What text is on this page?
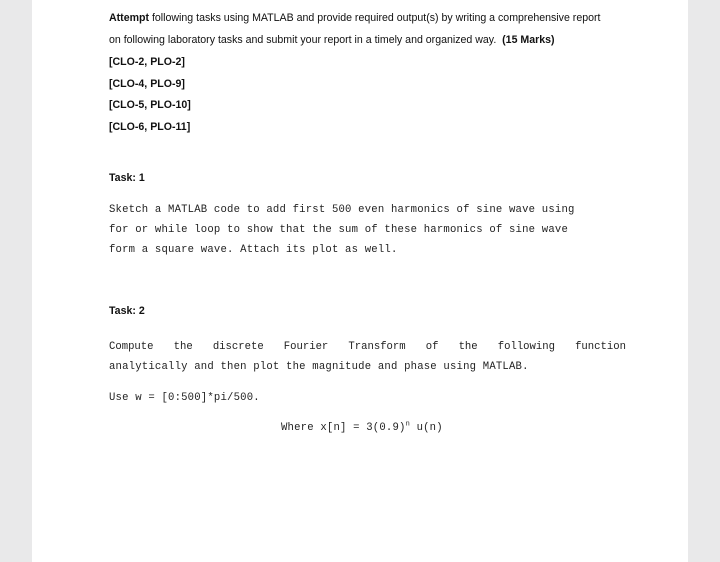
Attempt following tasks using MATLAB and provide required output(s) by writing a comprehensive report
on following laboratory tasks and submit your report in a timely and organized way. (15 Marks)
[CLO-2, PLO-2]
[CLO-4, PLO-9]
[CLO-5, PLO-10]
[CLO-6, PLO-11]
Task: 1
Sketch a MATLAB code to add first 500 even harmonics of sine wave using
for or while loop to show that the sum of these harmonics of sine wave
form a square wave. Attach its plot as well.
Task: 2
Compute the discrete Fourier Transform of the following function
analytically and then plot the magnitude and phase using MATLAB.
Use w = [0:500]*pi/500.
Where $x[n] = 3(0.9)^n$ u(n)
